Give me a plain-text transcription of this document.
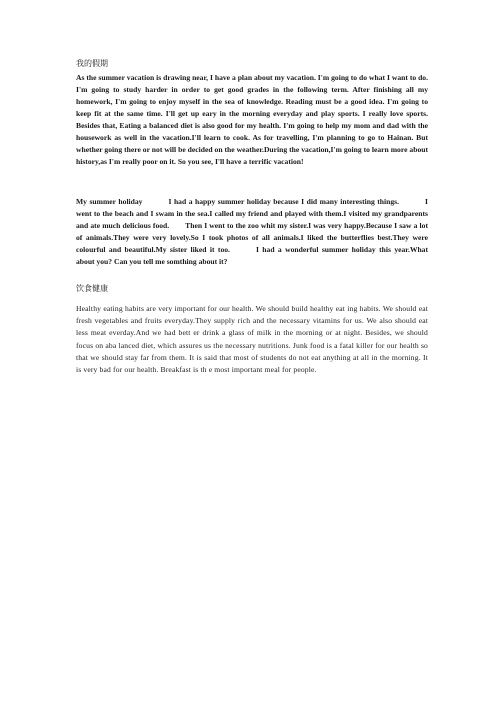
我的假期

As the summer vacation is drawing near, I have a plan about my vacation. I'm going to do what I want to do. I'm going to study harder in order to get good grades in the following term. After finishing all my homework, I'm going to enjoy myself in the sea of knowledge. Reading must be a good idea. I'm going to keep fit at the same time. I'll get up eary in the morning everyday and play sports. I really love sports. Besides that, Eating a balanced diet is also good for my health. I'm going to help my mom and dad with the housework as well in the vacation.I'll learn to cook. As for travelling, I'm planning to go to Hainan. But whether going there or not will be decided on the weather.During the vacation,I'm going to learn more about history,as I'm really poor on it. So you see, I'll have a terrific vacation!

My summer holiday	I had a happy summer holiday because I did many interesting things.	I went to the beach and I swam in the sea.I called my friend and played with them.I visited my grandparents and ate much delicious food. Then I went to the zoo whit my sister.I was very happy.Because I saw a lot of animals.They were very lovely.So I took photos of all animals.I liked the butterflies best.They were colourful and beautiful.My sister liked it too.	I had a wonderful summer holiday this year.What about you? Can you tell me somthing about it?

饮食健康

Healthy eating habits are very important for our health. We should build healthy eat ing habits. We should eat fresh vegetables and fruits everyday.They supply rich and the necessary vitamins for us. We also should eat less meat everday.And we had bett er drink a glass of milk in the morning or at night. Besides, we should focus on aba lanced diet, which assures us the necessary nutritions. Junk food is a fatal killer for our health so that we should stay far from them. It is said that most of students do not eat anything at all in the morning. It is very bad for our health. Breakfast is th e most important meal for people.
